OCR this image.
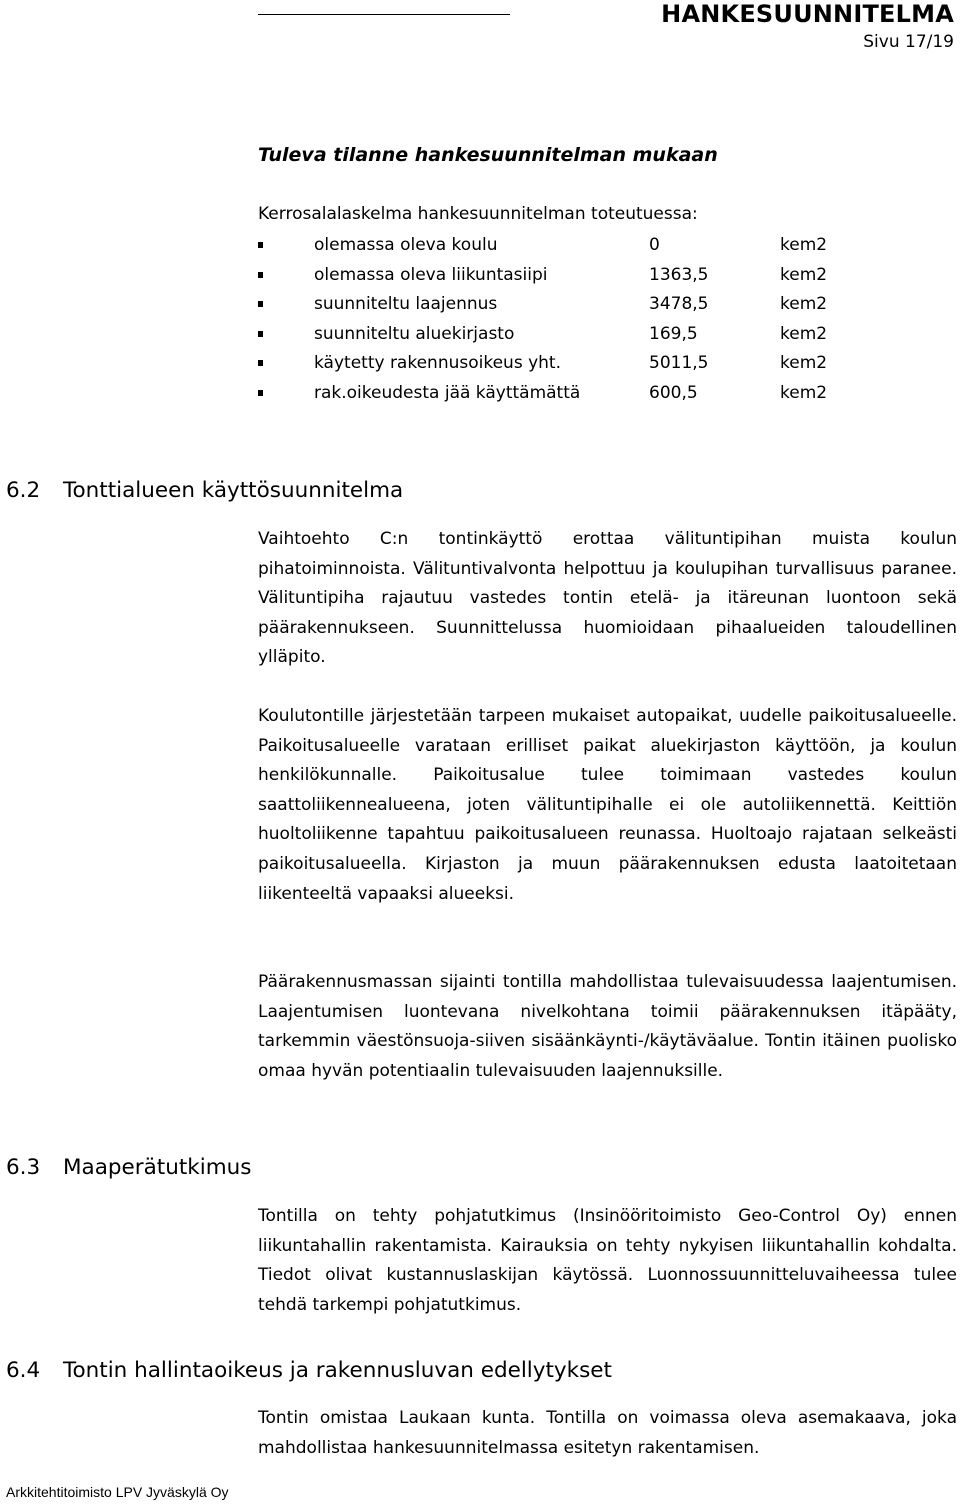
HANKESUUNNITELMA
Sivu 17/19
Tuleva tilanne hankesuunnitelman mukaan
Kerrosalalaskelma hankesuunnitelman toteutuessa:
olemassa oleva koulu	0	kem2
olemassa oleva liikuntasiipi	1363,5	kem2
suunniteltu laajennus	3478,5	kem2
suunniteltu aluekirjasto	169,5	kem2
käytetty rakennusoikeus yht.	5011,5	kem2
rak.oikeudesta jää käyttämättä	600,5	kem2
6.2 Tonttialueen käyttösuunnitelma

Vaihtoehto C:n tontinkäyttö erottaa välituntipihan muista koulun pihatoiminnoista. Välituntivalvonta helpottuu ja koulupihan turvallisuus paranee. Välituntipiha rajautuu vastedes tontin etelä- ja itäreunan luontoon sekä päärakennukseen. Suunnittelussa huomioidaan pihaalueiden taloudellinen ylläpito.

Koulutontille järjestetään tarpeen mukaiset autopaikat, uudelle paikoitusalueelle. Paikoitusalueelle varataan erilliset paikat aluekirjaston käyttöön, ja koulun henkilökunnalle. Paikoitusalue tulee toimimaan vastedes koulun saattoliikennealueena, joten välituntipihalle ei ole autoliikennettä. Keittiön huoltoliikenne tapahtuu paikoitusalueen reunassa. Huoltoajo rajataan selkeästi paikoitusalueella. Kirjaston ja muun päärakennuksen edusta laatoitetaan liikenteeltä vapaaksi alueeksi.

Päärakennusmassan sijainti tontilla mahdollistaa tulevaisuudessa laajentumisen. Laajentumisen luontevana nivelkohtana toimii päärakennuksen itäpääty, tarkemmin väestönsuoja-siiven sisäänkäynti-/käytäväalue. Tontin itäinen puolisko omaa hyvän potentiaalin tulevaisuuden laajennuksille.

6.3 Maaperätutkimus

Tontilla on tehty pohjatutkimus (Insinööritoimisto Geo-Control Oy) ennen liikuntahallin rakentamista. Kairauksia on tehty nykyisen liikuntahallin kohdalta. Tiedot olivat kustannuslaskijan käytössä. Luonnossuunnitteluvaiheessa tulee tehdä tarkempi pohjatutkimus.

6.4 Tontin hallintaoikeus ja rakennusluvan edellytykset

Tontin omistaa Laukaan kunta. Tontilla on voimassa oleva asemakaava, joka mahdollistaa hankesuunnitelmassa esitetyn rakentamisen.

Arkkitehtitoimisto LPV Jyväskylä Oy
